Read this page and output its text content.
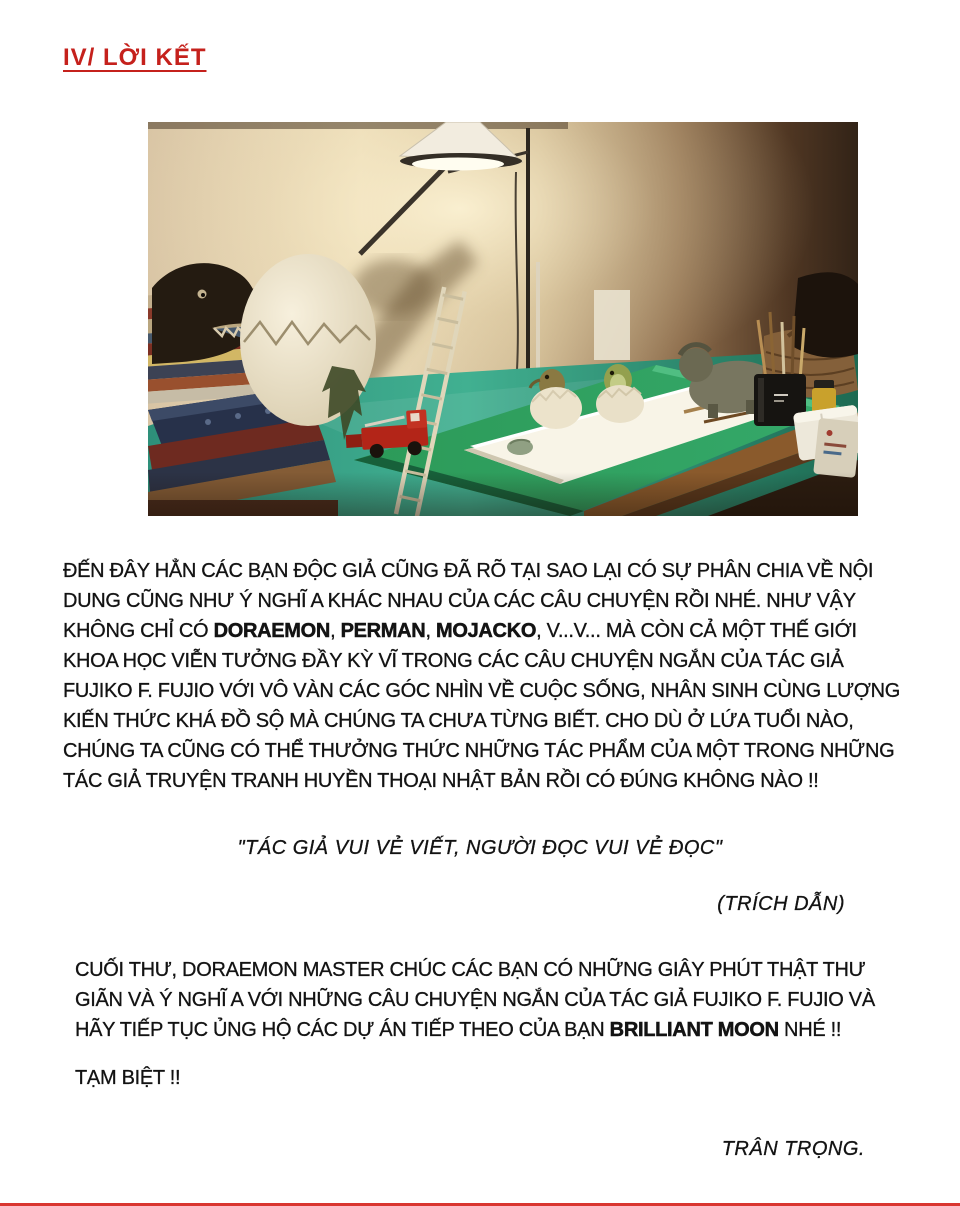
IV/ LỜI KẾT

ĐẾN ĐÂY HẲN CÁC BẠN ĐỘC GIẢ CŨNG ĐÃ RÕ TẠI SAO LẠI CÓ SỰ PHÂN CHIA VỀ NỘI DUNG CŨNG NHƯ Ý NGHĨ A KHÁC NHAU CỦA CÁC CÂU CHUYỆN RỒI NHÉ. NHƯ VẬY KHÔNG CHỈ CÓ DORAEMON, PERMAN, MOJACKO, V...V... MÀ CÒN CẢ MỘT THẾ GIỚI KHOA HỌC VIỄN TƯỞNG ĐẦY KỲ VĨ TRONG CÁC CÂU CHUYỆN NGẮN CỦA TÁC GIẢ FUJIKO F. FUJIO VỚI VÔ VÀN CÁC GÓC NHÌN VỀ CUỘC SỐNG, NHÂN SINH CÙNG LƯỢNG KIẾN THỨC KHÁ ĐỒ SỘ MÀ CHÚNG TA CHƯA TỪNG BIẾT. CHO DÙ Ở LỨA TUỔI NÀO, CHÚNG TA CŨNG CÓ THỂ THƯỞNG THỨC NHỮNG TÁC PHẨM CỦA MỘT TRONG NHỮNG TÁC GIẢ TRUYỆN TRANH HUYỀN THOẠI NHẬT BẢN RỒI CÓ ĐÚNG KHÔNG NÀO !!

"TÁC GIẢ VUI VẺ VIẾT, NGƯỜI ĐỌC VUI VẺ ĐỌC"
(TRÍCH DẪN)

CUỐI THƯ, DORAEMON MASTER CHÚC CÁC BẠN CÓ NHỮNG GIÂY PHÚT THẬT THƯ GIÃN VÀ Ý NGHĨ A VỚI NHỮNG CÂU CHUYỆN NGẮN CỦA TÁC GIẢ FUJIKO F. FUJIO VÀ HÃY TIẾP TỤC ỦNG HỘ CÁC DỰ ÁN TIẾP THEO CỦA BẠN BRILLIANT MOON NHÉ !!

TẠM BIỆT !!
TRÂN TRỌNG.
